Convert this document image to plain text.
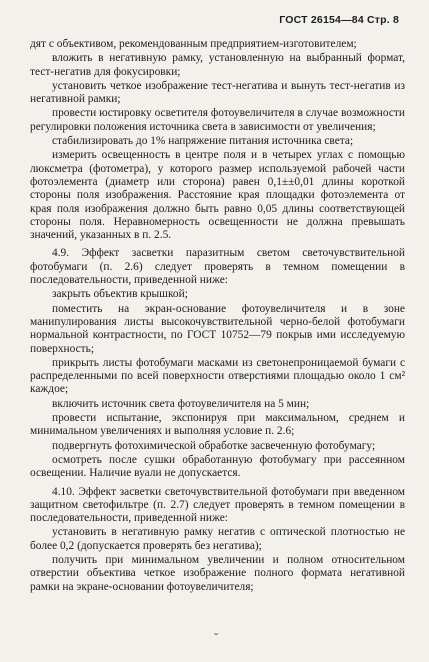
ГОСТ 26154—84 Стр. 8

дят с объективом, рекомендованным предприятием-изготовителем;

вложить в негативную рамку, установленную на выбранный формат, тест-негатив для фокусировки;

установить четкое изображение тест-негатива и вынуть тест-негатив из негативной рамки;

провести юстировку осветителя фотоувеличителя в случае возможности регулировки положения источника света в зависимости от увеличения;

стабилизировать до 1% напряжение питания источника света;

измерить освещенность в центре поля и в четырех углах с помощью люксметра (фотометра), у которого размер используемой рабочей части фотоэлемента (диаметр или сторона) равен 0,1±±0,01 длины короткой стороны поля изображения. Расстояние края площадки фотоэлемента от края поля изображения должно быть равно 0,05 длины соответствующей стороны поля. Неравномерность освещенности не должна превышать значений, указанных в п. 2.5.

4.9. Эффект засветки паразитным светом светочувствительной фотобумаги (п. 2.6) следует проверять в темном помещении в последовательности, приведенной ниже:

закрыть объектив крышкой;

поместить на экран-основание фотоувеличителя и в зоне манипулирования листы высокочувствительной черно-белой фотобумаги нормальной контрастности, по ГОСТ 10752—79 покрыв ими исследуемую поверхность;

прикрыть листы фотобумаги масками из светонепроницаемой бумаги с распределенными по всей поверхности отверстиями площадью около 1 см² каждое;

включить источник света фотоувеличителя на 5 мин;

провести испытание, экспонируя при максимальном, среднем и минимальном увеличениях и выполняя условие п. 2.6;

подвергнуть фотохимической обработке засвеченную фотобумагу;

осмотреть после сушки обработанную фотобумагу при рассеянном освещении. Наличие вуали не допускается.

4.10. Эффект засветки светочувствительной фотобумаги при введенном защитном светофильтре (п. 2.7) следует проверять в темном помещении в последовательности, приведенной ниже:

установить в негативную рамку негатив с оптической плотностью не более 0,2 (допускается проверять без негатива);

получить при минимальном увеличении и полном относительном отверстии объектива четкое изображение полного формата негативной рамки на экране-основании фотоувеличителя;

ˇ
